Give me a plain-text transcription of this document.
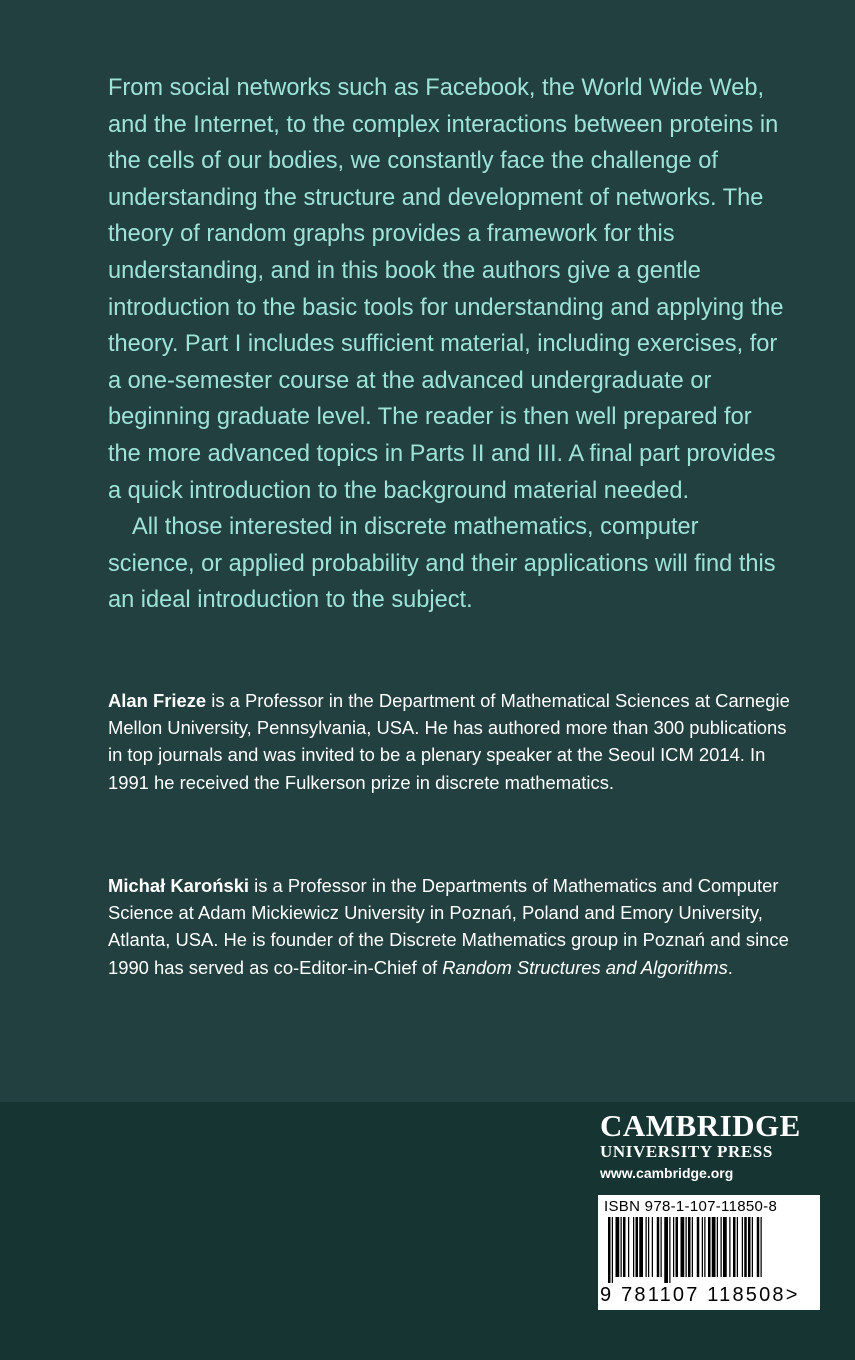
From social networks such as Facebook, the World Wide Web, and the Internet, to the complex interactions between proteins in the cells of our bodies, we constantly face the challenge of understanding the structure and development of networks. The theory of random graphs provides a framework for this understanding, and in this book the authors give a gentle introduction to the basic tools for understanding and applying the theory. Part I includes sufficient material, including exercises, for a one-semester course at the advanced undergraduate or beginning graduate level. The reader is then well prepared for the more advanced topics in Parts II and III. A final part provides a quick introduction to the background material needed.

All those interested in discrete mathematics, computer science, or applied probability and their applications will find this an ideal introduction to the subject.

Alan Frieze is a Professor in the Department of Mathematical Sciences at Carnegie Mellon University, Pennsylvania, USA. He has authored more than 300 publications in top journals and was invited to be a plenary speaker at the Seoul ICM 2014. In 1991 he received the Fulkerson prize in discrete mathematics.

Michał Karoński is a Professor in the Departments of Mathematics and Computer Science at Adam Mickiewicz University in Poznań, Poland and Emory University, Atlanta, USA. He is founder of the Discrete Mathematics group in Poznań and since 1990 has served as co-Editor-in-Chief of Random Structures and Algorithms.

CAMBRIDGE
UNIVERSITY PRESS
www.cambridge.org
ISBN 978-1-107-11850-8
9 781107 118508>
